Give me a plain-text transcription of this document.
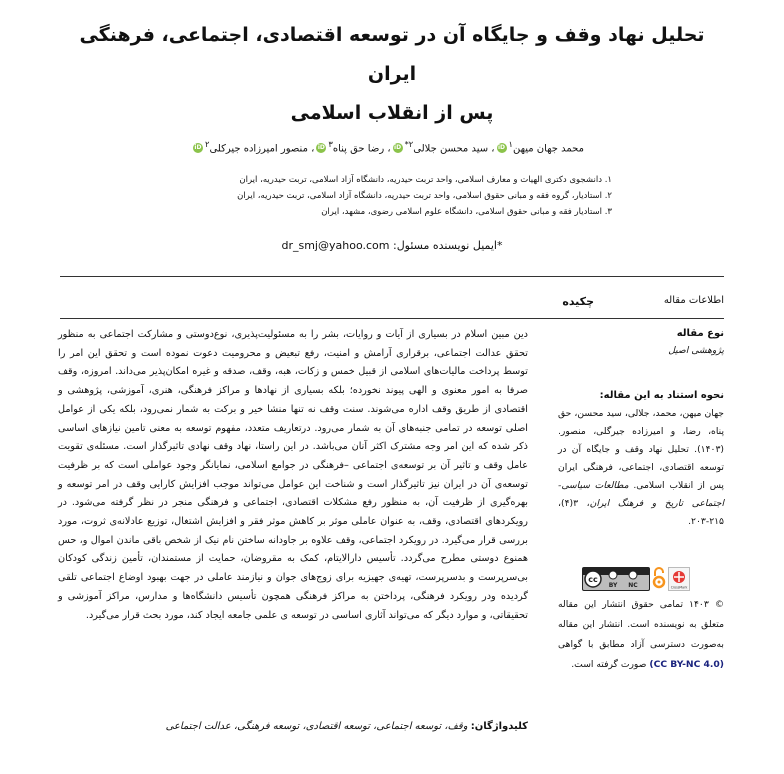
تحلیل نهاد وقف و جایگاه آن در توسعه اقتصادی، اجتماعی، فرهنگی ایران
پس از انقلاب اسلامی
محمد جهان میهن$^۱$iD، سید محسن جلالی$^{۲*}$iD، رضا حق پناه$^۳$iD، منصور امیرزاده جیرکلی$^۲$iD
۱. دانشجوی دکتری الهیات و معارف اسلامی، واحد تربت حیدریه، دانشگاه آزاد اسلامی، تربت حیدریه، ایران
۲. استادیار، گروه فقه و مبانی حقوق اسلامی، واحد تربت حیدریه، دانشگاه آزاد اسلامی، تربت حیدریه، ایران
۳. استادیار فقه و مبانی حقوق اسلامی، دانشگاه علوم اسلامی رضوی، مشهد، ایران
*ایمیل نویسنده مسئول: dr_smj@yahoo.com
چکیده	اطلاعات مقاله
دین مبین اسلام در بسیاری از آیات و روایات، بشر را به مسئولیت‌پذیری، نوع‌دوستی و مشارکت اجتماعی به منظور تحقق عدالت اجتماعی، برقراری آرامش و امنیت، رفع تبعیض و محرومیت دعوت نموده است و تحقق این امر را توسط پرداخت مالیات‌های اسلامی از قبیل خمس و زکات، هبه، وقف، صدقه و غیره امکان‌پذیر می‌داند. امروزه، وقف صرفا به امور معنوی و الهی پیوند نخورده؛ بلکه بسیاری از نهادها و مراکز فرهنگی، هنری، آموزشی، پژوهشی و اقتصادی از طریق وقف اداره می‌شوند. سنت وقف نه تنها منشا خیر و برکت به شمار نمی‌رود، بلکه یکی از عوامل اصلی توسعه در تمامی جنبه‌های آن به شمار می‌رود. درتعاریف متعدد، مفهوم توسعه به معنی تامین نیازهای اساسی ذکر شده که این امر وجه مشترک اکثر آنان می‌باشد. در این راستا، نهاد وقف نهادی تاثیرگذار است. مسئله‌ی تقویت عامل وقف و تاثیر آن بر توسعه‌ی اجتماعی –فرهنگی در جوامع اسلامی، نمایانگر وجود عواملی است که بر ظرفیت توسعه‌ی آن در ایران نیز تاثیرگذار است و شناخت این عوامل می‌تواند موجب افزایش کارایی وقف در امر توسعه و بهره‌گیری از ظرفیت آن، به منظور رفع مشکلات اقتصادی، اجتماعی و فرهنگی منجر در نظر گرفته می‌شود. در رویکردهای اقتصادی، وقف، به عنوان عاملی موثر بر کاهش موثر فقر و افزایش اشتغال، توزیع عادلانه‌ی ثروت، مورد بررسی قرار می‌گیرد. در رویکرد اجتماعی، وقف علاوه بر جاودانه ساختن نام نیک از شخص باقی ماندن اموال و، حس همنوع دوستی مطرح می‌گردد. تأسیس دارالایتام، کمک به مقروضان، حمایت از مستمندان، تأمین زندگی کودکان بی‌سرپرست و بدسرپرست، تهیه‌ی جهیزیه برای زوج‌های جوان و نیازمند عاملی در جهت بهبود اوضاع اجتماعی تلقی گردیده ودر رویکرد فرهنگی، پرداختن به مراکز فرهنگی همچون تأسیس دانشگاه‌ها و مدارس، مراکز آموزشی و تحقیقاتی، و موارد دیگر که می‌تواند آثاری اساسی در توسعه ی علمی جامعه ایجاد کند، مورد بحث قرار می‌گیرد.
کلیدواژگان: وقف، توسعه اجتماعی، توسعه اقتصادی، توسعه فرهنگی، عدالت اجتماعی
نوع مقاله
پژوهشی اصیل
نحوه استناد به این مقاله:
جهان میهن، محمد، جلالی، سید محسن، حق پناه، رضا، و امیرزاده جیرگلی، منصور. (۱۴۰۳). تحلیل نهاد وقف و جایگاه آن در توسعه اقتصادی، اجتماعی، فرهنگی ایران پس از انقلاب اسلامی. مطالعات سیاسی-اجتماعی تاریخ و فرهنگ ایران، ۳(۴)، ۲۱۵-۲۰۳.
cc
BY NC	CrossMark
© ۱۴۰۳ تمامی حقوق انتشار این مقاله متعلق به نویسنده است. انتشار این مقاله به‌صورت دسترسی آزاد مطابق با گواهی (CC BY-NC 4.0) صورت گرفته است.
